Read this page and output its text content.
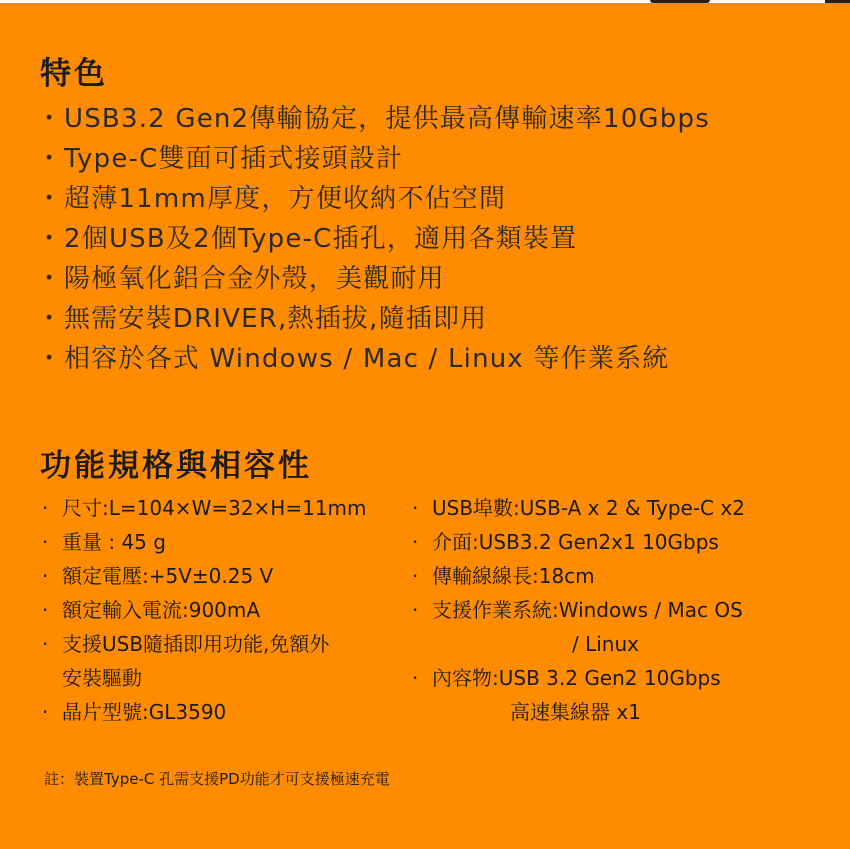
特色
・ USB3.2 Gen2傳輸協定，提供最高傳輸速率10Gbps
・ Type-C雙面可插式接頭設計
・ 超薄11mm厚度，方便收納不佔空間
・ 2個USB及2個Type-C插孔，適用各類裝置
・ 陽極氧化鋁合金外殼，美觀耐用
・ 無需安裝DRIVER,熱插拔,隨插即用
・ 相容於各式 Windows / Mac / Linux 等作業系統
功能規格與相容性
· 尺寸:L=104×W=32×H=11mm
· 重量 : 45 g
· 額定電壓:+5V±0.25 V
· 額定輸入電流:900mA
· 支援USB隨插即用功能,免額外
安裝驅動
· 晶片型號:GL3590
· USB埠數:USB-A x 2 & Type-C x2
· 介面:USB3.2 Gen2x1 10Gbps
· 傳輸線線長:18cm
· 支援作業系統:Windows / Mac OS
/ Linux
· 內容物:USB 3.2 Gen2 10Gbps
高速集線器 x1
註：裝置Type-C 孔需支援PD功能才可支援極速充電
